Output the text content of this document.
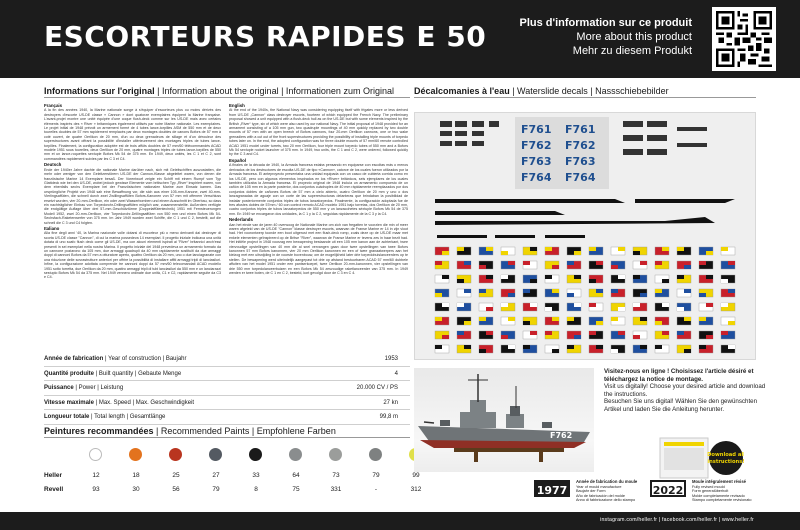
ESCORTEURS RAPIDES E 50	Plus d'information sur ce produit
More about this product
Mehr zu diesem Produkt
Informations sur l'original | Information about the original | Informationen zum Original
Français
A la fin des années 1940, la Marine nationale songe à s'équiper d'escorteurs plus ou moins dérivés des destroyers d'escorte US-DE classe « Cannon » dont quatorze exemplaires équipent la Marine française. L'avant-projet montre une unité équipée d'une coque flush-deck comme sur les US-DE mais avec certains éléments inspirés des « River » britanniques également utilisés par notre Marine nationale. Les exemplaires. Le projet initial de 1948 prévoit un armement formé de 4 tubes lance-torpilles ASM de 550 mm et de deux tourelles doubles de 57 mm rapidement remplacés par deux montages doubles de canons Bofors de 57 mm à coté ouvert, de quatre Oerlikon de 20 mm, d'un ou deux grenadeurs de sillage et d'un dérouleur des superstructures avant offrant la possibilité d'installer ultérieurement des montages triples de tubes lance-torpilles. Finalement, la configuration adoptée est de trois affûts doubles de 57 mm/60 télécommandés ACAD modèle 1951 sous tourelles, deux Oerlikon de 20 mm, quatre montages triples de tubes lance-torpilles de 550 mm et un lance-roquettes sextuple Bofors Mk 54 de 375 mm. En 1949, deux unités, les C 1 et C 2, sont commandées rapidement suivies par les C 3 et C4.
Deutsch
Ende der 1940er Jahre dachte die nationale Marine darüber nach, sich mit Geleitschiffen auszustatten, die mehr oder weniger von den Geleitzerstörern US-DE der Cannon-Klasse abgeleitet waren, von denen die französische Marine 14 Exemplare besaß. Der Vorentwurf zeigte ein Schiff mit einem Rumpf vom Typ Glattdeck wie bei den US-DE, wobei jedoch gewisse Elemente vom britischen Typ „River“ inspiriert waren, von dem ebenfalls sechs Exemplare bei der Französischen nationalen Marine zum Einsatz kamen. Das ursprüngliche Projekt von 1948 sah eine Bewaffnung vor, die sich aus einer 105-mm-Kanone, zwei 40-mm-Vierlingsaffüten, die schnell durch zwei Zwillingsaffüten Bofors-Kanonen von 57 mm mit offenem Verschluss ersetzt wurden, vier 20-mm-Oerlikon, ein oder zwei Wasserbomben und einem Ausschnitt im Oberbau, so dass ein nachträglicher Einbau von Torpedorohr-Drillingsaffüten möglich war, zusammenstellte. Außerdem verfügte die endgültige Auflage über drei 57-mm-Geschütztürme (Doppelaffütentechnik) 1951 mit Fernsteuerungen Modell 1952, zwei 20-mm-Oerlikon, vier Torpedorohr-Drillingsaffüten von 550 mm und einen Bofors Mk 54-Sechsfach-Raketenwerfer von 375 mm. Im Jahr 1949 wurden zwei Schiffe, die C 1 und C 2, bestellt, auf die schnell die C 3 und C4 folgten.
Italiano
Alla fine degli anni '40, la Marina nazionale volle dotarsi di escorteur più o meno derivanti dai destroyer di scorta US-DE classe "Cannon", di cui la marina possedeva 14 esemplari. Il progetto iniziale indicava una unità dotata di uno scafo flush deck come gli US-DE, ma con alcuni elementi ispirati ai "River" britannici anch'essi presenti in sei esemplari nella nostra Marina. Il progetto iniziale del 1948 prevedeva un armamento formato da un cannone poziarono da 105 mm, due armaggi quadrupli da 40 mm rapidamente sostituiti da due armaggi doppi di cannoni Bofors da 57 mm a otturatore aperto, quattro Oerlikon da 20 mm, uno o due lanciagranate con una riduzione delle sovrastrutture anteriori per offrire la possibilità di installare affiti armaggi tripli di lanciasiluri. Infine, la configurazione adottata comprende tre cannoni doppi da 57 mm/60 telecomandati ACAD modello 1951 sotto torretta, due Oerlikon da 20 mm, quattro armaggi tripli di tubi lanciasiluri da 550 mm e un lanciarazzi sestuplo Bofors Mk 54 da 375 mm. Nel 1949 vennero ordinate due unità, C1 e C2, rapidamente seguite da C3 e C4.
English
At the end of the 1940s, the National Navy was considering equipping itself with frigates more or less derived from US-DE „Cannon“ class destroyer escorts, fourteen of which equipped the French Navy. The preliminary proposal showed a unit equipped with a flush-deck hull as on the US-DE but with some elements inspired by the British „River“ type, six of which were also used by our national Navy. The initial proposal of 1948 provided for an armament consisting of a 105 mm gun, two quadruple mountings of 40 mm quickly replaced by two double mounts of 57 mm with an open breech of Bofors cannons, four 20-mm Oerlikon cannons, one or two wake grenadiers with a cut out of the front superstructures providing the possibility of installing triple mounts of torpedo tubes later on. In the end, the adopted configuration was for three double mounts of 57 mm/60 remote controlled ACAD 1951 model under turrets, two 20 mm Oerlikon, four triple mount torpedo tubes of 550 mm and a Bofors Mk 54 sextuple rocket launcher of 375 mm. In 1949, two units, the C 1 and C 2, were ordered, followed quickly by the C 3 and C4.
Español
A finales de la década de 1940, la Armada francesa estaba pensando en equiparse con escoltas más o menos derivados de los destructores de escolta US-DE de tipo «Cannon», catorce de los cuales fueron utilizados por la Armada francesa. El anteproyecto presentaba una unidad equipada con un casco de cubierta corrida como en los US-DE, pero con algunos elementos inspirados en los «River» británicos, seis ejemplares de los cuales también utilizaba la Armada francesa. El proyecto original de 1948 incluía un armamento compuesto de un cañón de 105 mm en la parte posterior, dos conjuntos cuádruples de 40 mm rápidamente reemplazados por dos conjuntos dobles de cañones Bofors de 57 mm a cielo abierto, cuatro Oerlikon de 20 mm y uno o dos lanzagranadas de aguaje con un corte de las superestructuras delanteras que brindaban la posibilidad de instalar posteriormente conjuntos triples de tubos lanzatorpedos. Finalmente, la configuración adoptada fue de tres afustes dobles de 57mm / 60 con control remoto ACAD modelo 1951 bajo torretas, dos Oerlikon de 20 mm, cuatro conjuntos triples de tubos lanzatorpedos de 550 mm y un lanzacohetes séxtuple Bofors Mk 54 de 375 mm. En 1949 se encargaron dos unidades, la C 1 y la C 2, seguidas rápidamente de la C 3 y la C4.
Nederlands
Aan het einde van de jaren 40 overwoog de Nationale Marine om zich van fregatten te voorzien die min of meer waren afgeleid van de US-DE "Cannon" klasse destroyer escorts, waarvan de Franse Marine er 14 in zijn vloot had. Het voorontwerp toonde een boot uitgerust met een flush-deck romp, zoals deze op de US-DE maar met enkele elementen geïnspireerd op de Britse "River", waarvan de Franse Marine er tevens zes in haar bezit had. Het initiële project in 1948 voorzag een bewapening bestaande uit een 105 mm kanon aan de achterkant, twee viervoudige opstellingen van 40 mm die al snel vervangen gaan door twee opstellingen van twee Bofors kanonnen 57 mm Bofors kanonnen, vier 20 mm Oerlikon kanonnen en een of twee granaatwerpers aan het kielzog met een uitsnijding in de voorste bovenbouw, om de mogelijkheid later drie torpedobuislanceerders op te stellen. De bewapening werd uiteindelijk aangepast tot drie op afstand bestuurbaren ACAD 57 mm/60 dubbele affuiten van het model 1951 onder een pantserkoepel, twee Oerlikon 20-mm-kanonnen, vier opstellingen van drie 550 mm torpedolanceerbuizen en een Bofors Mk 54 zesvoudige raketlanceerder van 375 mm. In 1949 werden er twee boten, de C 1 en C 2, besteld, kort gevolgd door de C 3 en C 4.
Année de fabrication | Year of construction | Baujahr	1953
Quantité produite | Built quantity | Gebaute Menge	4
Puissance | Power | Leistung	20.000 CV / PS
Vitesse maximale | Max. Speed | Max. Geschwindigkeit	27 kn
Longueur totale | Total length | Gesamtlänge	99,8 m
Peintures recommandées | Recommended Paints | Empfohlene Farben
Heller	12	18	25	27	33	64	73	79	99
Revell	93	30	56	79	8	75	331	-	312
Décalcomanies à l'eau | Waterslide decals | Nassschiebebilder
F761
F762
F763
F764
F761
F762
F763
F764
F762
Visitez-nous en ligne ! Choisissez l'article désiré et téléchargez la notice de montage.
Visit us digitally! Choose your desired article and download the instructions.
Besuchen Sie uns digital! Wählen Sie den gewünschten Artikel und laden Sie die Anleitung herunter.
Download all
instructions!
1977
Année de fabrication du moule
Year of mould manufacture
Baujahr der Form
Año de fabricación del molde
Anno di fabbricazione dello stampo
2022
Moule intégralement révisé
Fully revised mould
Form generalüberholt
Molde completamente revisado
Stampo completamente revisionato
instagram.com/heller.fr | facebook.com/heller.fr | www.heller.fr
